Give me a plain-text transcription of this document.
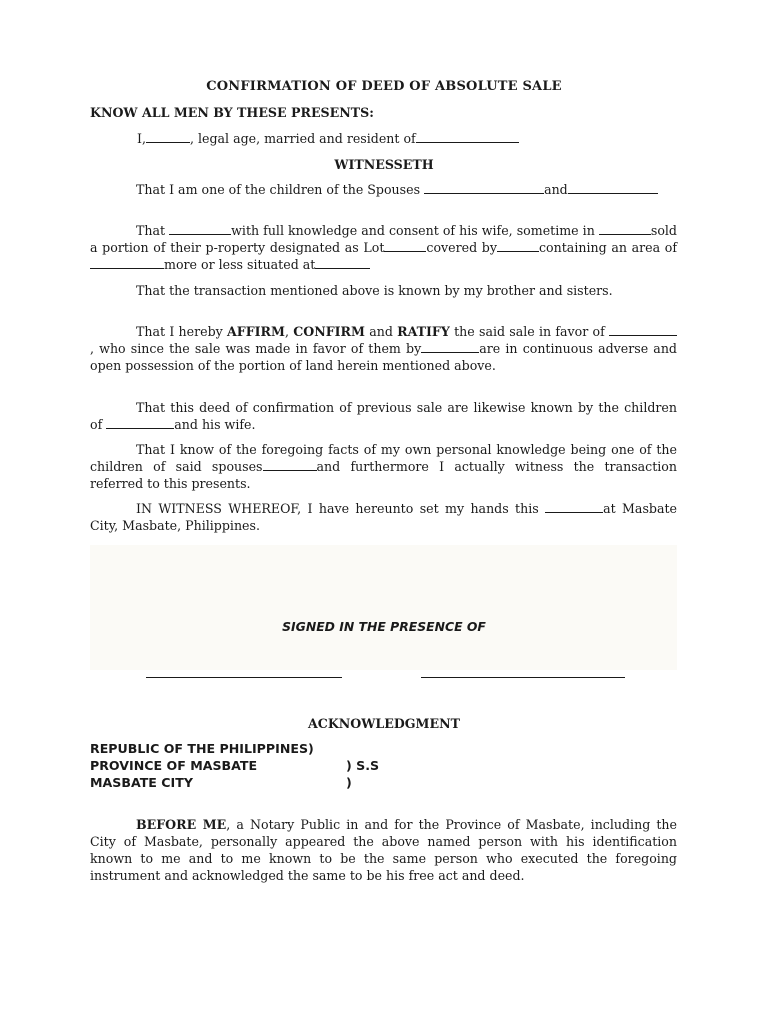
CONFIRMATION OF DEED OF ABSOLUTE SALE
KNOW ALL MEN BY THESE PRESENTS:
I,	, legal age, married and resident of
WITNESSETH
That I am one of the children of the Spouses	and
That	with full knowledge and consent of his wife, sometime in	sold a portion of their p-roperty designated as Lot	covered by	containing an area ofmore or less situated at
That the transaction mentioned above is known by my brother and sisters.
That I hereby AFFIRM, CONFIRM and RATIFY the said sale in favor of , who since the sale was made in favor of them by	are in continuous adverse and open possession of the portion of land herein mentioned above.
That this deed of confirmation of previous sale are likewise known by the children of	and his wife.
That I know of the foregoing facts of my own personal knowledge being one of the children of said spouses	and furthermore I actually witness the transaction referred to this presents.
IN WITNESS WHEREOF, I have hereunto set my hands this	at Masbate City, Masbate, Philippines.
SIGNED IN THE PRESENCE OF
ACKNOWLEDGMENT
REPUBLIC OF THE PHILIPPINES)
PROVINCE OF MASBATE	) S.S
MASBATE CITY	)
BEFORE ME, a Notary Public in and for the Province of Masbate, including the City of Masbate, personally appeared the above named person with his identification known to me and to me known to be the same person who executed the foregoing instrument and acknowledged the same to be his free act and deed.
